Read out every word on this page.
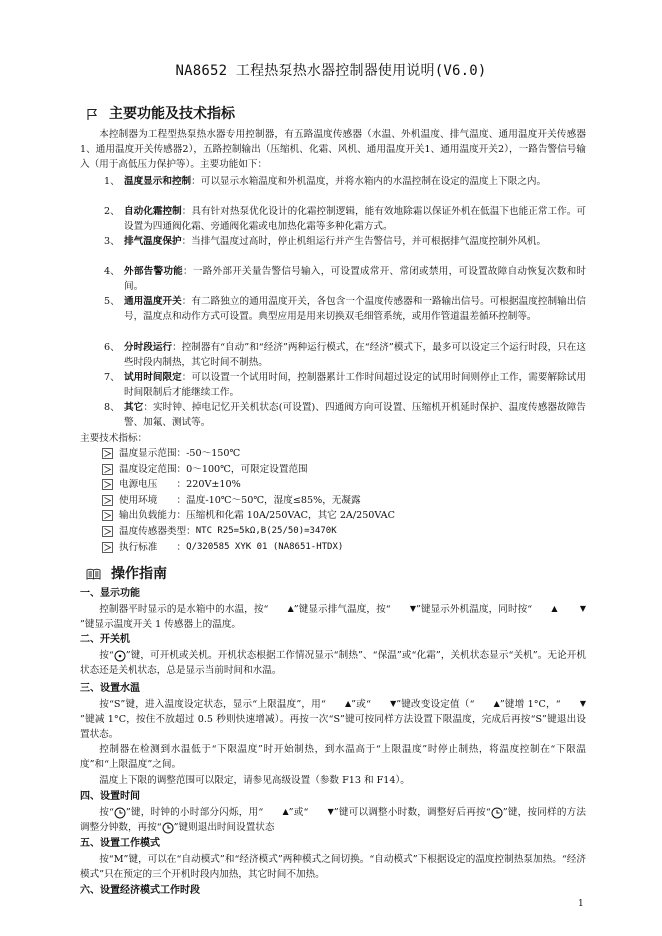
NA8652 工程热泵热水器控制器使用说明(V6.0)
主要功能及技术指标

本控制器为工程型热泵热水器专用控制器，有五路温度传感器（水温、外机温度、排气温度、通用温度开关传感器1、通用温度开关传感器2），五路控制输出（压缩机、化霜、风机、通用温度开关1、通用温度开关2），一路告警信号输入（用于高低压力保护等）。主要功能如下：

1、 温度显示和控制：可以显示水箱温度和外机温度，并将水箱内的水温控制在设定的温度上下限之内。
2、 自动化霜控制：具有针对热泵优化设计的化霜控制逻辑，能有效地除霜以保证外机在低温下也能正常工作。可设置为四通阀化霜、旁通阀化霜或电加热化霜等多种化霜方式。
3、 排气温度保护：当排气温度过高时，停止机组运行并产生告警信号，并可根据排气温度控制外风机。
4、 外部告警功能：一路外部开关量告警信号输入，可设置成常开、常闭或禁用，可设置故障自动恢复次数和时间。
5、 通用温度开关：有二路独立的通用温度开关，各包含一个温度传感器和一路输出信号。可根据温度控制输出信号，温度点和动作方式可设置。典型应用是用来切换双毛细管系统，或用作管道温差循环控制等。
6、 分时段运行：控制器有“自动”和“经济”两种运行模式，在“经济”模式下，最多可以设定三个运行时段，只在这些时段内制热，其它时间不制热。
7、 试用时间限定：可以设置一个试用时间，控制器累计工作时间超过设定的试用时间则停止工作，需要解除试用时间限制后才能继续工作。
8、 其它：实时钟、掉电记忆开关机状态(可设置)、四通阀方向可设置、压缩机开机延时保护、温度传感器故障告警、加氟、测试等。
主要技术指标：
温度显示范围： -50～150℃
温度设定范围： 0～100℃，可限定设置范围
电源电压　　： 220V±10%
使用环境　　： 温度-10℃～50℃，湿度≤85%，无凝露
输出负载能力： 压缩机和化霜 10A/250VAC，其它 2A/250VAC
温度传感器类型： NTC R25=5kΩ,B(25/50)=3470K
执行标准　　： Q/320585 XYK 01 (NA8651-HTDX)
操作指南
一、显示功能

控制器平时显示的是水箱中的水温，按“ ▲”键显示排气温度，按“ ▼”键显示外机温度，同时按“ ▲	▼”键显示温度开关 1 传感器上的温度。

二、开关机

按“ ”键，可开机或关机。开机状态根据工作情况显示“制热”、“保温”或“化霜”，关机状态显示“关机”。无论开机状态还是关机状态，总是显示当前时间和水温。

三、设置水温

按“S”键，进入温度设定状态，显示“上限温度”，用“ ▲”或“ ▼”键改变设定值（“ ▲”键增 1°C，“ ▼”键减 1°C，按住不放超过 0.5 秒则快速增减）。再按一次“S”键可按同样方法设置下限温度，完成后再按“S”键退出设置状态。

控制器在检测到水温低于“下限温度”时开始制热，到水温高于“上限温度”时停止制热，将温度控制在“下限温度”和“上限温度”之间。

温度上下限的调整范围可以限定，请参见高级设置（参数 F13 和 F14）。

四、设置时间

按“ ”键，时钟的小时部分闪烁，用“ ▲”或“ ▼”键可以调整小时数，调整好后再按“ ”键，按同样的方法调整分钟数，再按“ ”键则退出时间设置状态

五、设置工作模式

按“M”键，可以在“自动模式”和“经济模式”两种模式之间切换。“自动模式”下根据设定的温度控制热泵加热。“经济模式”只在预定的三个开机时段内加热，其它时间不加热。

六、设置经济模式工作时段
1
